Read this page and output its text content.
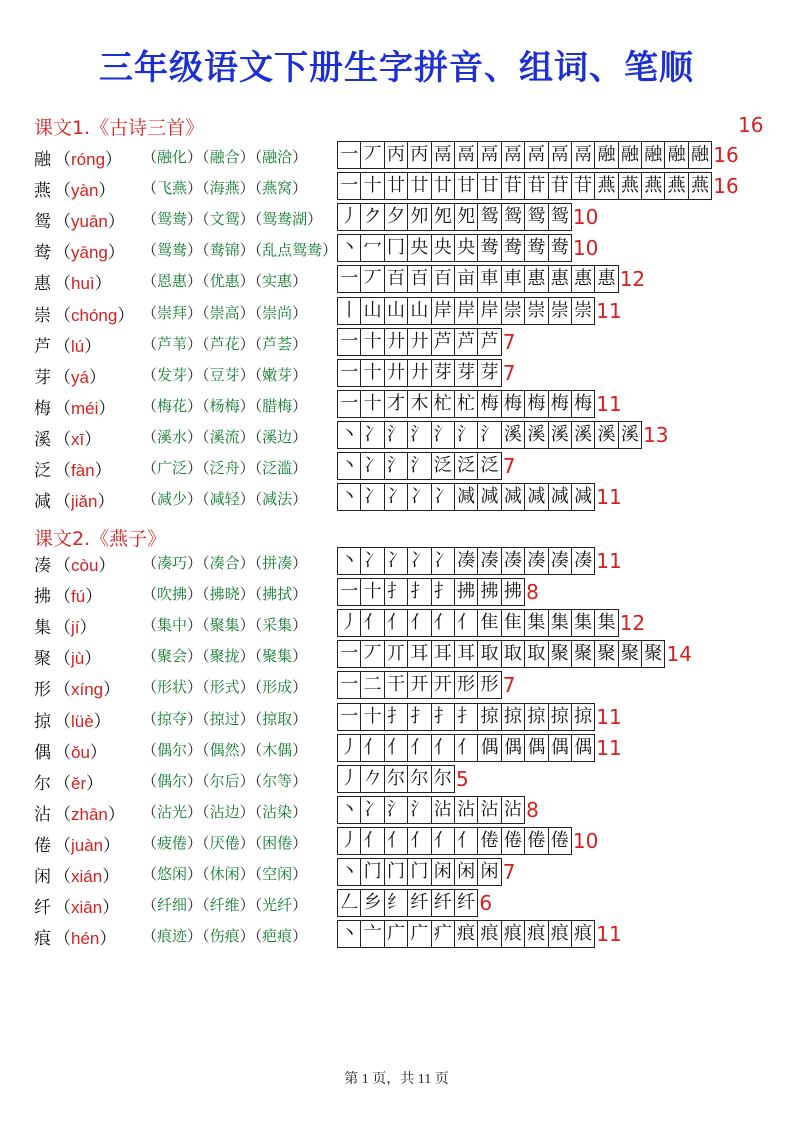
三年级语文下册生字拼音、组词、笔顺
课文1.《古诗三首》	16
融 （róng） （融化）（融合）（融洽） 一 丆 丙 丙 鬲 鬲 鬲 鬲 鬲 鬲 鬲 融 融 融 融 融 16
燕 （yàn） （飞燕）（海燕）（燕窝） 一 十 廿 廿 廿 甘 甘 苷 苷 苷 苷 燕 燕 燕 燕 燕 16
鸳 （yuān） （鸳鸯）（文鸳）（鸳鸯湖） 丿 ク 夕 夘 夗 夗 鸳 鸳 鸳 鸳 10
鸯 （yāng） （鸳鸯）（鸯锦）（乱点鸳鸯） 丶 冖 冂 央 央 央 鸯 鸯 鸯 鸯 10
惠 （huì） （恩惠）（优惠）（实惠） 一 丆 百 百 百 亩 車 車 惠 惠 惠 惠 12
崇 （chóng） （崇拜）（崇高）（崇尚） 丨 山 山 山 岸 岸 岸 崇 崇 崇 崇 11
芦 （lú）	（芦苇）（芦花）（芦荟） 一 十 廾 廾 芦 芦 芦 7
芽 （yá） （发芽）（豆芽）（嫩芽） 一 十 廾 廾 芽 芽 芽 7
梅 （méi） （梅花）（杨梅）（腊梅） 一 十 才 木 杧 杧 梅 梅 梅 梅 梅 11
溪 （xī）	（溪水）（溪流）（溪边） 丶 冫 氵 氵 氵 氵 氵 溪 溪 溪 溪 溪 溪 13
泛 （fàn） （广泛）（泛舟）（泛滥） 丶 冫 氵 氵 泛 泛 泛 7
减 （jiǎn） （减少）（减轻）（减法） 丶 冫 冫 冫 冫 减 减 减 减 减 减 11
课文2.《燕子》
凑 （còu） （凑巧）（凑合）（拼凑） 丶 冫 冫 冫 冫 凑 凑 凑 凑 凑 凑 11
拂 （fú）	（吹拂）（拂晓）（拂拭） 一 十 扌 扌 扌 拂 拂 拂 8
集 （jí）	（集中）（聚集）（采集） 丿 亻 亻 亻 亻 亻 隹 隹 集 集 集 集 12
聚 （jù）	（聚会）（聚拢）（聚集） 一 丆 丌 耳 耳 耳 取 取 取 聚 聚 聚 聚 聚 14
形 （xíng） （形状）（形式）（形成） 一 二 干 开 开 形 形 7
掠 （lüè） （掠夺）（掠过）（掠取） 一 十 扌 扌 扌 扌 掠 掠 掠 掠 掠 11
偶 （ǒu） （偶尔）（偶然）（木偶） 丿 亻 亻 亻 亻 亻 偶 偶 偶 偶 偶 11
尔 （ěr）	（偶尔）（尔后）（尔等） 丿 𠂊 尔 尔 尔 5
沾 （zhān） （沾光）（沾边）（沾染） 丶 冫 氵 氵 沾 沾 沾 沾 8
倦 （juàn） （疲倦）（厌倦）（困倦） 丿 亻 亻 亻 亻 亻 倦 倦 倦 倦 10
闲 （xián） （悠闲）（休闲）（空闲） 丶 门 门 门 闲 闲 闲 7
纤 （xiān） （纤细）（纤维）（光纤） 𠃋 乡 纟 纤 纤 纤 6
痕 （hén） （痕迹）（伤痕）（疤痕） 丶 亠 广 广 疒 痕 痕 痕 痕 痕 痕 11
第 1 页，共 11 页
